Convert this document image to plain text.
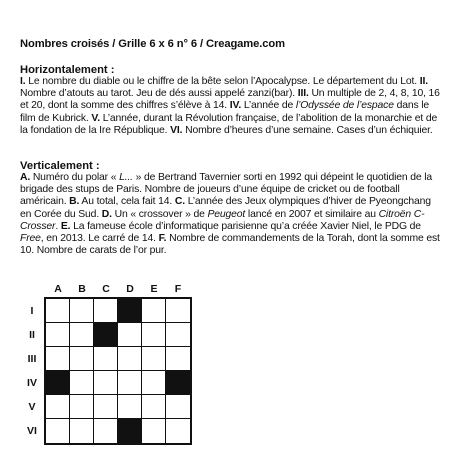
Nombres croisés / Grille 6 x 6 n° 6 / Creagame.com
Horizontalement :
I. Le nombre du diable ou le chiffre de la bête selon l’Apocalypse. Le département du Lot. II. Nombre d’atouts au tarot. Jeu de dés aussi appelé zanzi(bar). III. Un multiple de 2, 4, 8, 10, 16 et 20, dont la somme des chiffres s’élève à 14. IV. L’année de l’Odyssée de l’espace dans le film de Kubrick. V. L’année, durant la Révolution française, de l’abolition de la monarchie et de la fondation de la Ire République. VI. Nombre d’heures d’une semaine. Cases d’un échiquier.
Verticalement :
A. Numéro du polar « L... » de Bertrand Tavernier sorti en 1992 qui dépeint le quotidien de la brigade des stups de Paris. Nombre de joueurs d’une équipe de cricket ou de football américain. B. Au total, cela fait 14. C. L’année des Jeux olympiques d’hiver de Pyeongchang en Corée du Sud. D. Un « crossover » de Peugeot lancé en 2007 et similaire au Citroën C-Crosser. E. La fameuse école d’informatique parisienne qu’a créée Xavier Niel, le PDG de Free, en 2013. Le carré de 14. F. Nombre de commandements de la Torah, dont la somme est 10. Nombre de carats de l’or pur.
A	B	C	D	E	F
I
II
III
IV
V
VI
